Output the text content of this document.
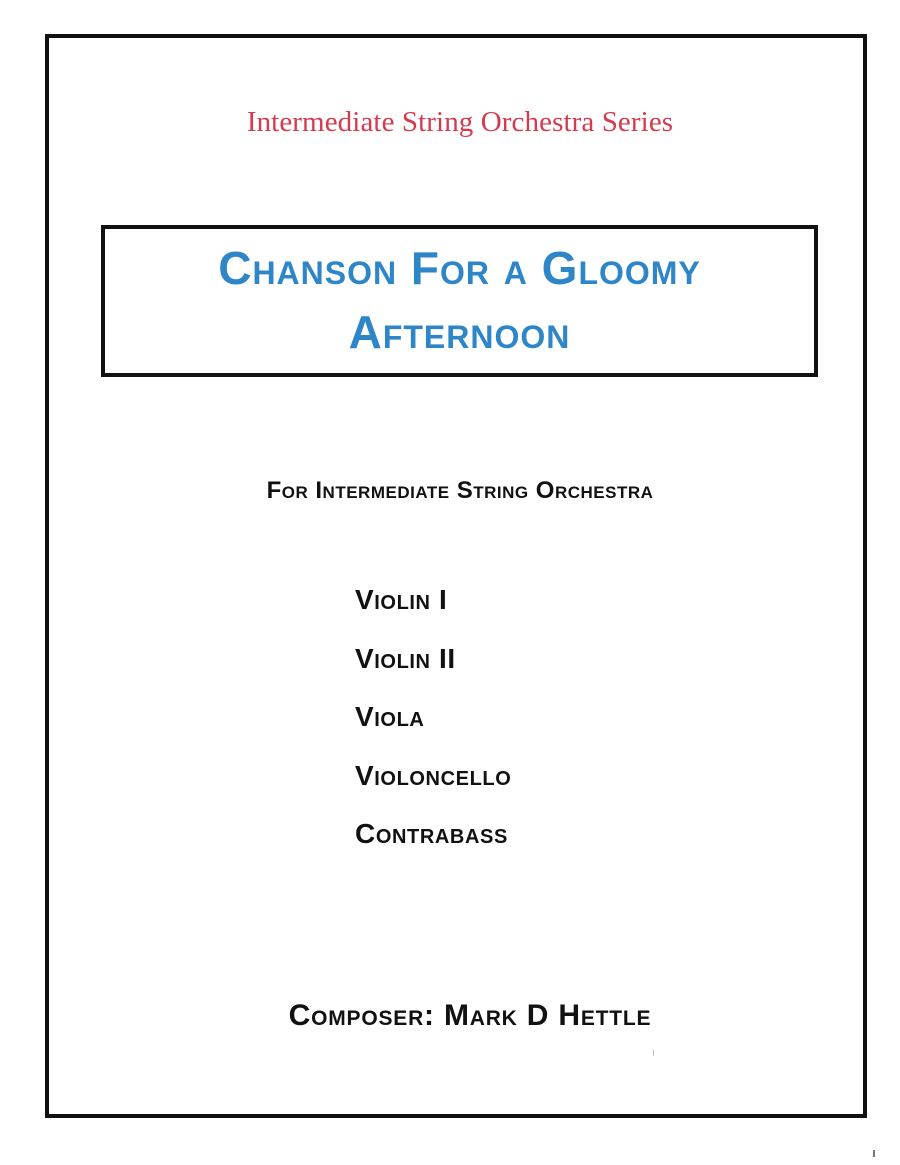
Intermediate String Orchestra Series
Chanson For a Gloomy
Afternoon
For Intermediate String Orchestra
Violin I
Violin II
Viola
Violoncello
Contrabass
Composer: Mark D Hettle
